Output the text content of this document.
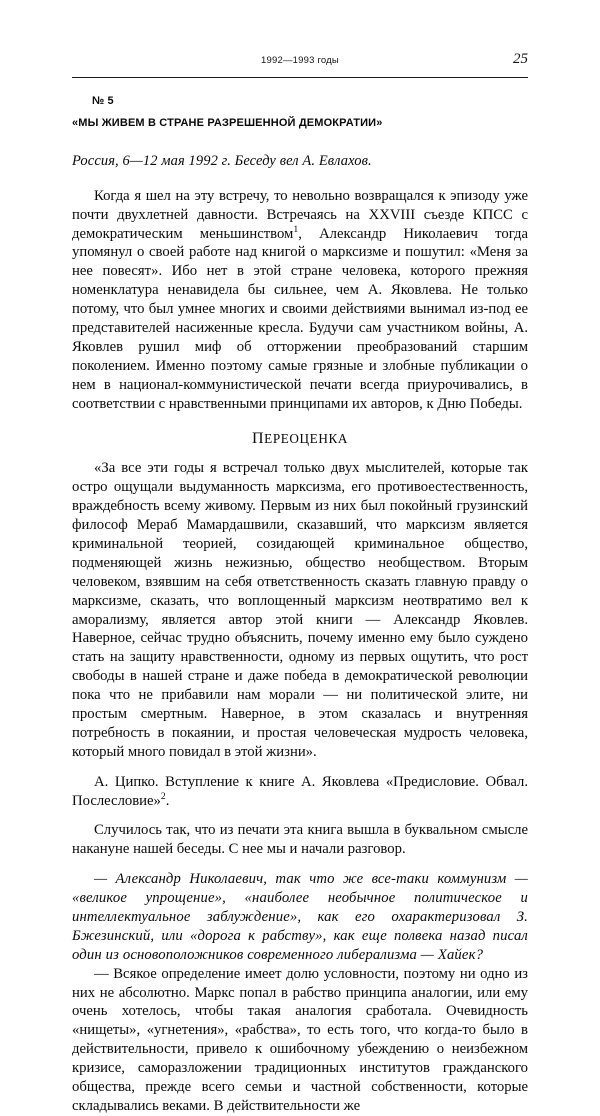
1992—1993 годы	25
№ 5
«МЫ ЖИВЕМ В СТРАНЕ РАЗРЕШЕННОЙ ДЕМОКРАТИИ»
Россия, 6—12 мая 1992 г. Беседу вел А. Евлахов.

Когда я шел на эту встречу, то невольно возвращался к эпизоду уже почти двухлетней давности. Встречаясь на XXVIII съезде КПСС с демократическим меньшинством$^1$, Александр Николаевич тогда упомянул о своей работе над книгой о марксизме и пошутил: «Меня за нее повесят». Ибо нет в этой стране человека, которого прежняя номенклатура ненавидела бы сильнее, чем А. Яковлева. Не только потому, что был умнее многих и своими действиями вынимал из-под ее представителей насиженные кресла. Будучи сам участником войны, А. Яковлев рушил миф об отторжении преобразований старшим поколением. Именно поэтому самые грязные и злобные публикации о нем в национал-коммунистической печати всегда приурочивались, в соответствии с нравственными принципами их авторов, к Дню Победы.

ПЕРЕОЦЕНКА

«За все эти годы я встречал только двух мыслителей, которые так остро ощущали выдуманность марксизма, его противоестественность, враждебность всему живому. Первым из них был покойный грузинский философ Мераб Мамардашвили, сказавший, что марксизм является криминальной теорией, созидающей криминальное общество, подменяющей жизнь нежизнью, общество необществом. Вторым человеком, взявшим на себя ответственность сказать главную правду о марксизме, сказать, что воплощенный марксизм неотвратимо вел к аморализму, является автор этой книги — Александр Яковлев. Наверное, сейчас трудно объяснить, почему именно ему было суждено стать на защиту нравственности, одному из первых ощутить, что рост свободы в нашей стране и даже победа в демократической революции пока что не прибавили нам морали — ни политической элите, ни простым смертным. Наверное, в этом сказалась и внутренняя потребность в покаянии, и простая человеческая мудрость человека, который много повидал в этой жизни».

А. Ципко. Вступление к книге А. Яковлева «Предисловие. Обвал. Послесловие»$^2$.

Случилось так, что из печати эта книга вышла в буквальном смысле накануне нашей беседы. С нее мы и начали разговор.

— Александр Николаевич, так что же все-таки коммунизм — «великое упрощение», «наиболее необычное политическое и интеллектуальное заблуждение», как его охарактеризовал З. Бжезинский, или «дорога к рабству», как еще полвека назад писал один из основоположников современного либерализма — Хайек?

— Всякое определение имеет долю условности, поэтому ни одно из них не абсолютно. Маркс попал в рабство принципа аналогии, или ему очень хотелось, чтобы такая аналогия сработала. Очевидность «нищеты», «угнетения», «рабства», то есть того, что когда-то было в действительности, привело к ошибочному убеждению о неизбежном кризисе, саморазложении традиционных институтов гражданского общества, прежде всего семьи и частной собственности, которые складывались веками. В действительности же
